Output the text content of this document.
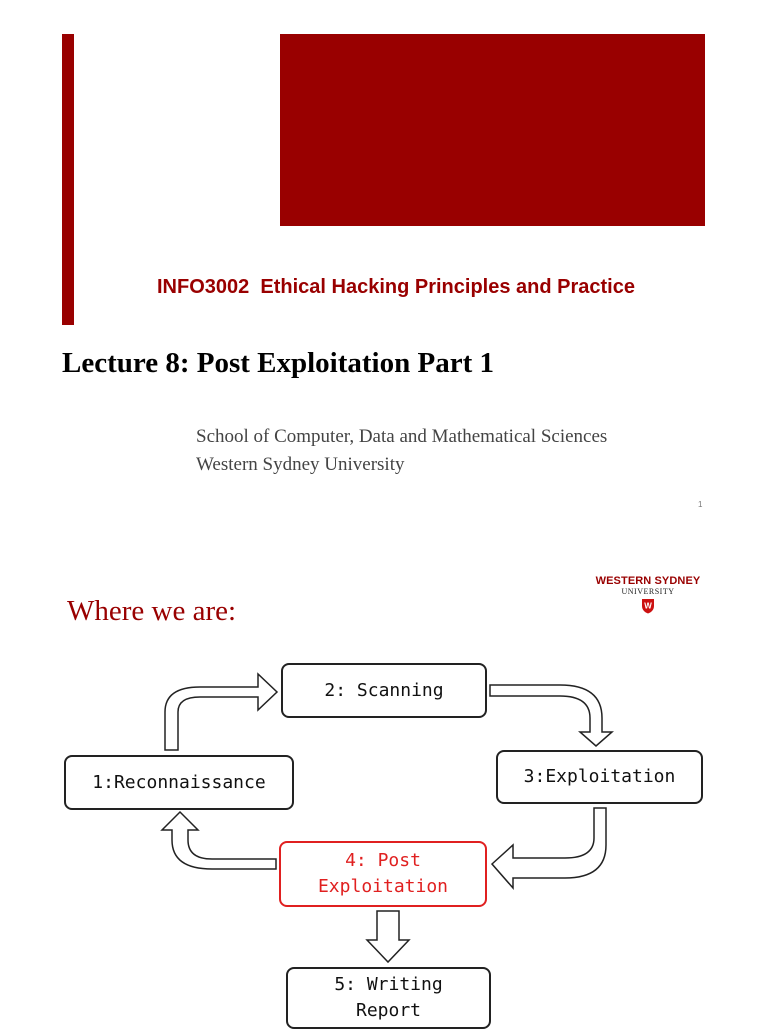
INFO3002  Ethical Hacking Principles and Practice
Lecture 8: Post Exploitation Part 1
School of Computer, Data and Mathematical Sciences
Western Sydney University
1
Where we are:
WESTERN SYDNEY
UNIVERSITY
W
2: Scanning
1:Reconnaissance	3:Exploitation
4: Post
Exploitation
5: Writing
Report
